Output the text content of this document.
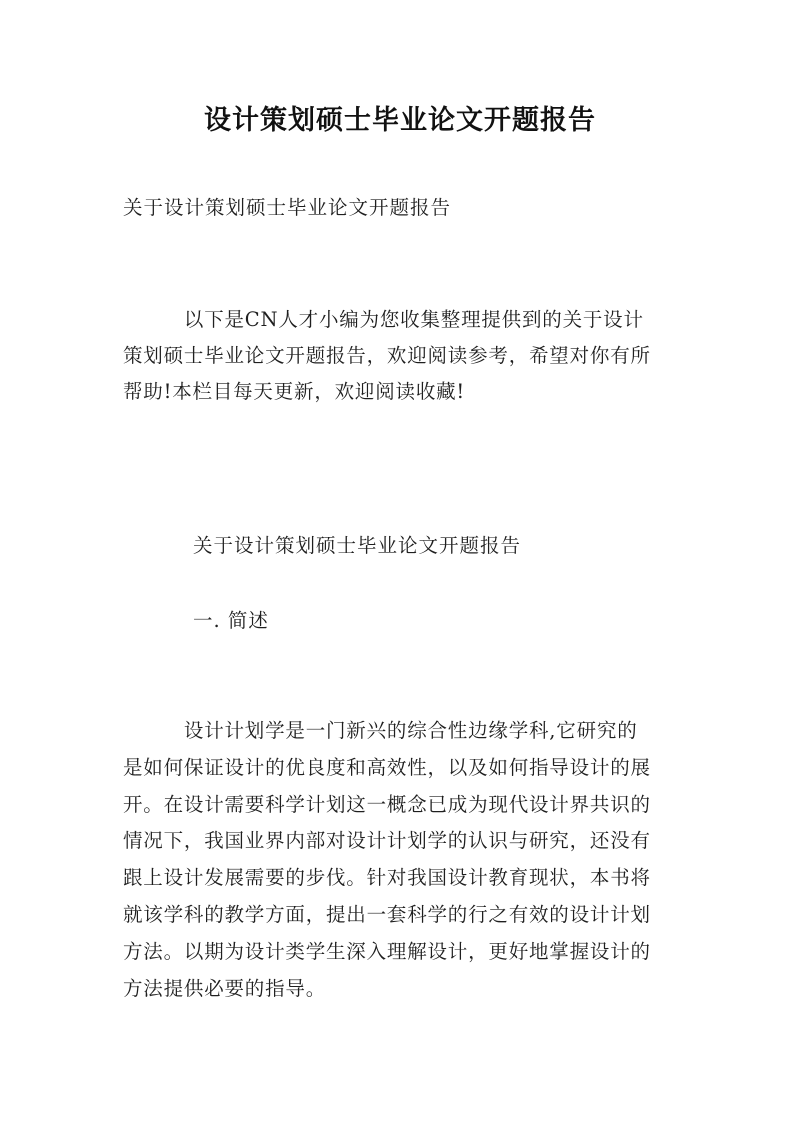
设计策划硕士毕业论文开题报告
关于设计策划硕士毕业论文开题报告
　　　以下是CN人才小编为您收集整理提供到的关于设计
策划硕士毕业论文开题报告，欢迎阅读参考，希望对你有所
帮助!本栏目每天更新，欢迎阅读收藏!
关于设计策划硕士毕业论文开题报告
一. 简述
　　　设计计划学是一门新兴的综合性边缘学科,它研究的
是如何保证设计的优良度和高效性，以及如何指导设计的展
开。在设计需要科学计划这一概念已成为现代设计界共识的
情况下，我国业界内部对设计计划学的认识与研究，还没有
跟上设计发展需要的步伐。针对我国设计教育现状，本书将
就该学科的教学方面，提出一套科学的行之有效的设计计划
方法。以期为设计类学生深入理解设计，更好地掌握设计的
方法提供必要的指导。
